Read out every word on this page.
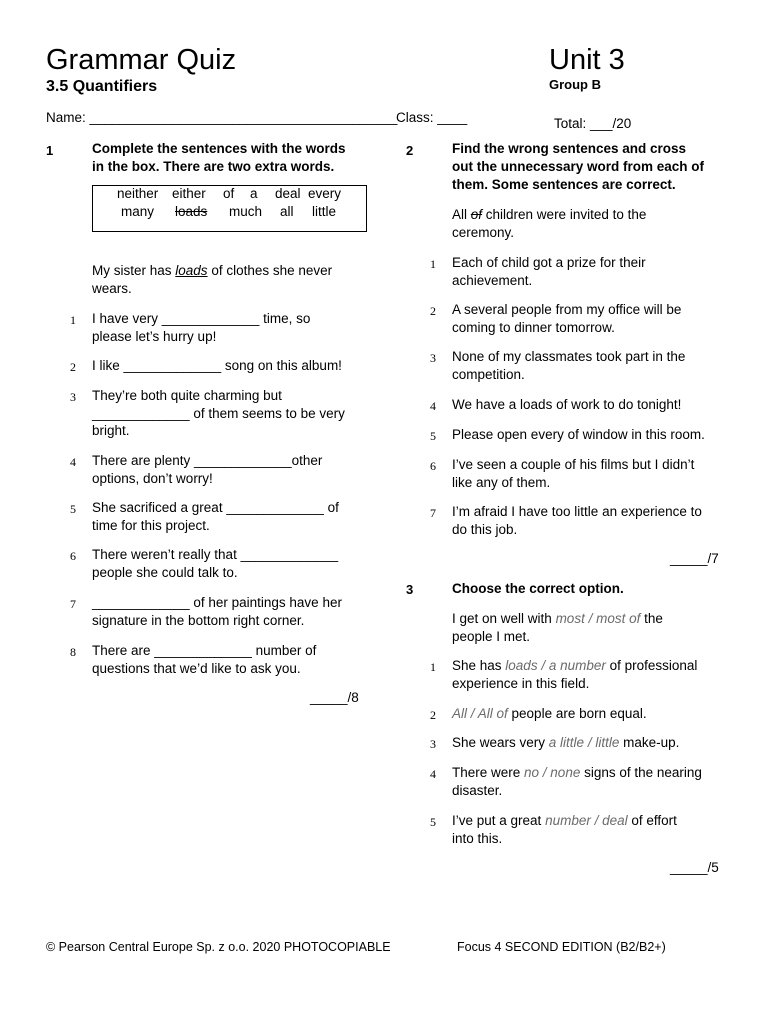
Grammar Quiz
3.5 Quantifiers
Unit 3
Group B
Name: _________________________________________
Class: ____	Total: ___/20
1	Complete the sentences with the words
in the box. There are two extra words.
neither either of a deal every
many loads much all little
My sister has loads of clothes she never
wears.
1 I have very _____________ time, so
please let’s hurry up!
2 I like _____________ song on this album!
3 They’re both quite charming but
_____________ of them seems to be very
bright.
4 There are plenty _____________other
options, don’t worry!
5 She sacrificed a great _____________ of
time for this project.
6 There weren’t really that _____________
people she could talk to.
7 _____________ of her paintings have her
signature in the bottom right corner.
8 There are _____________ number of
questions that we’d like to ask you.
_____/8
2	Find the wrong sentences and cross
out the unnecessary word from each of
them. Some sentences are correct.
All of children were invited to the
ceremony.
1 Each of child got a prize for their
achievement.
2 A several people from my office will be
coming to dinner tomorrow.
3 None of my classmates took part in the
competition.
4 We have a loads of work to do tonight!
5 Please open every of window in this room.
6 I’ve seen a couple of his films but I didn’t
like any of them.
7 I’m afraid I have too little an experience to
do this job.
_____/7
3	Choose the correct option.
I get on well with most / most of the
people I met.
1 She has loads / a number of professional
experience in this field.
2 All / All of people are born equal.
3 She wears very a little / little make-up.
4 There were no / none signs of the nearing
disaster.
5 I’ve put a great number / deal of effort
into this.
_____/5
© Pearson Central Europe Sp. z o.o. 2020 PHOTOCOPIABLE	Focus 4 SECOND EDITION (B2/B2+)
